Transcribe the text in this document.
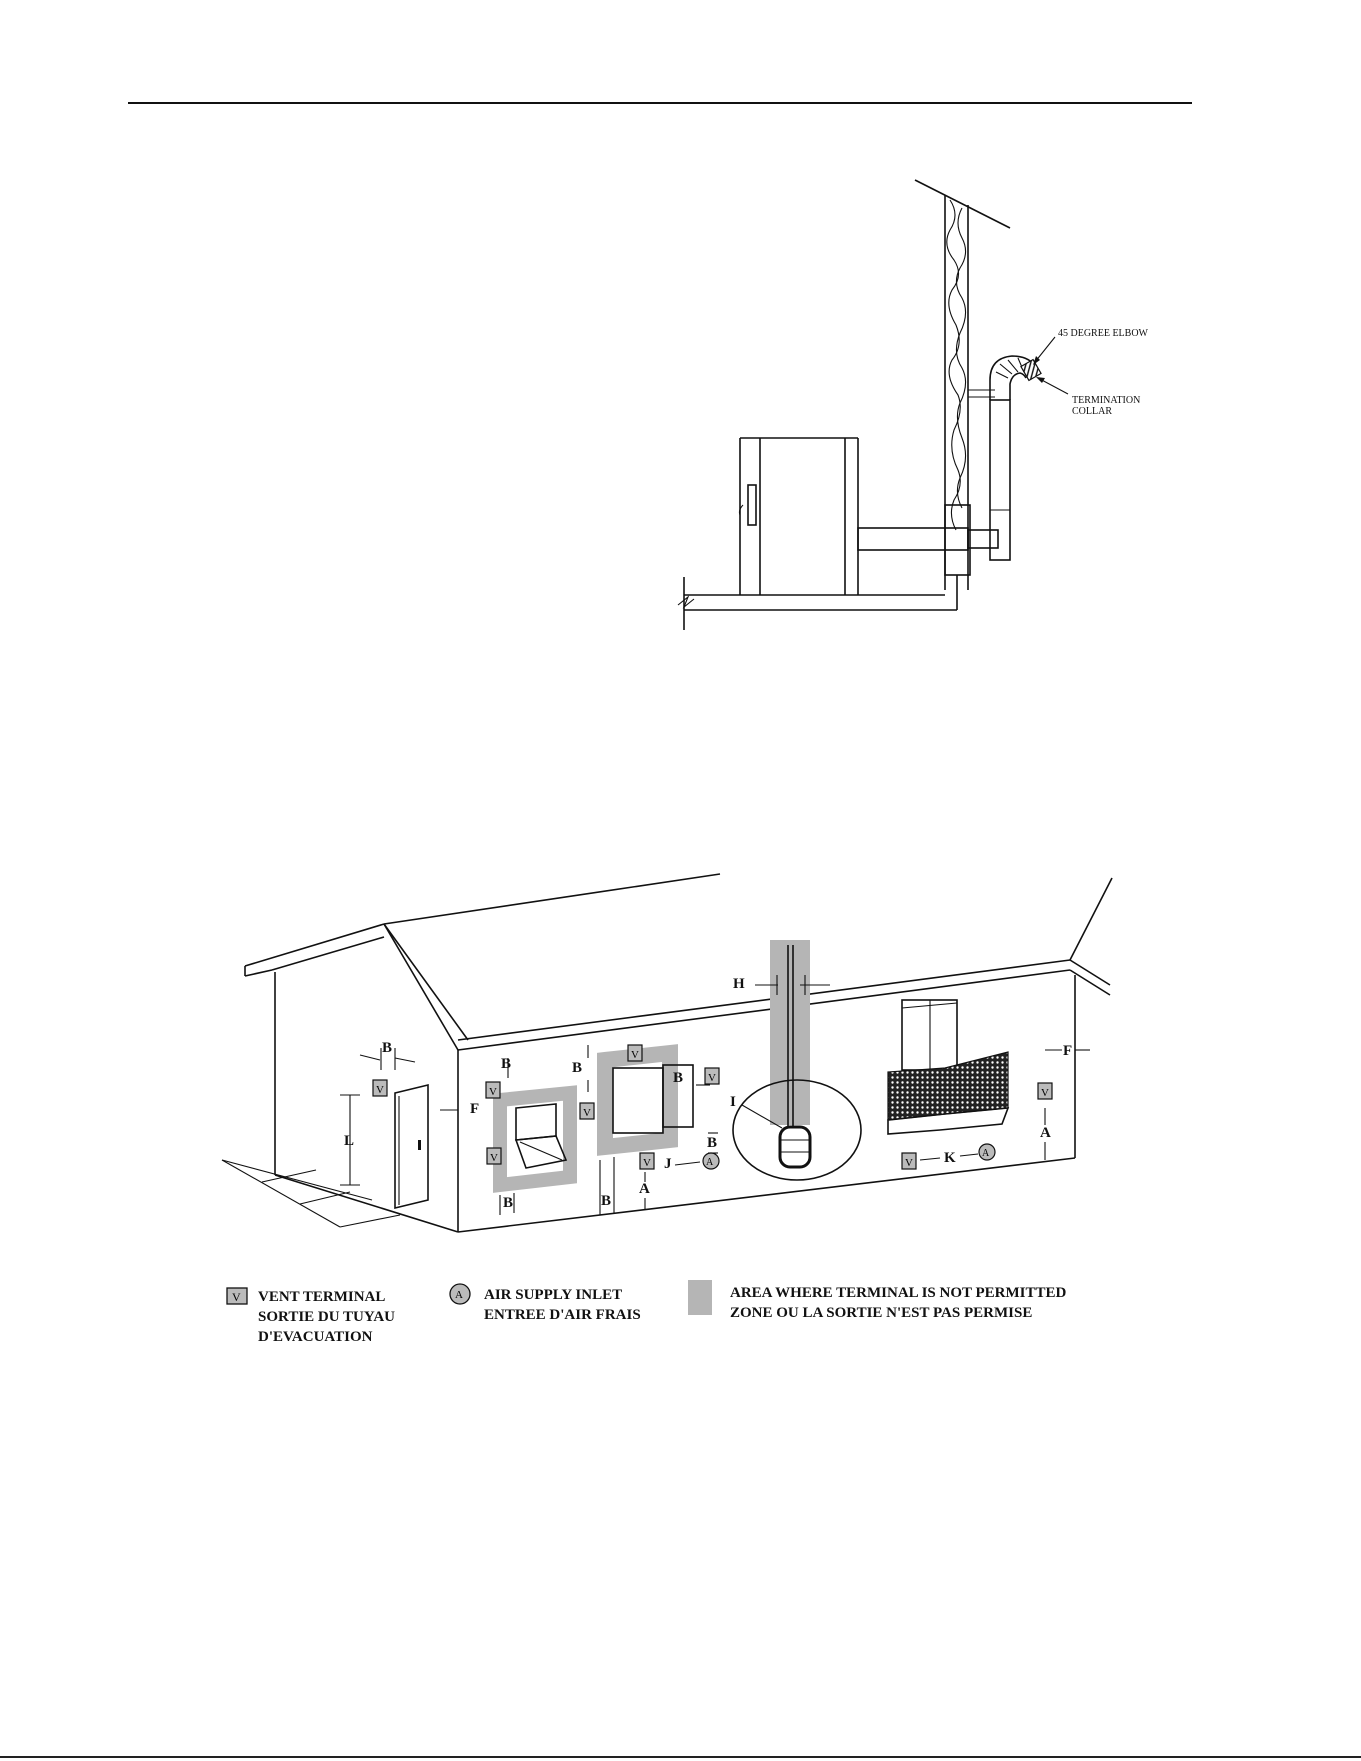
45 DEGREE ELBOW
TERMINATION
COLLAR
I
V	V
V
V
V
V
V	V
V
A
A
B
L
F
B
B
B
B
B
B
A
J
H
K
A
F
V VENT TERMINAL
SORTIE DU TUYAU
D'EVACUATION
A AIR SUPPLY INLET
ENTREE D'AIR FRAIS
AREA WHERE TERMINAL IS NOT PERMITTED
ZONE OU LA SORTIE N'EST PAS PERMISE
